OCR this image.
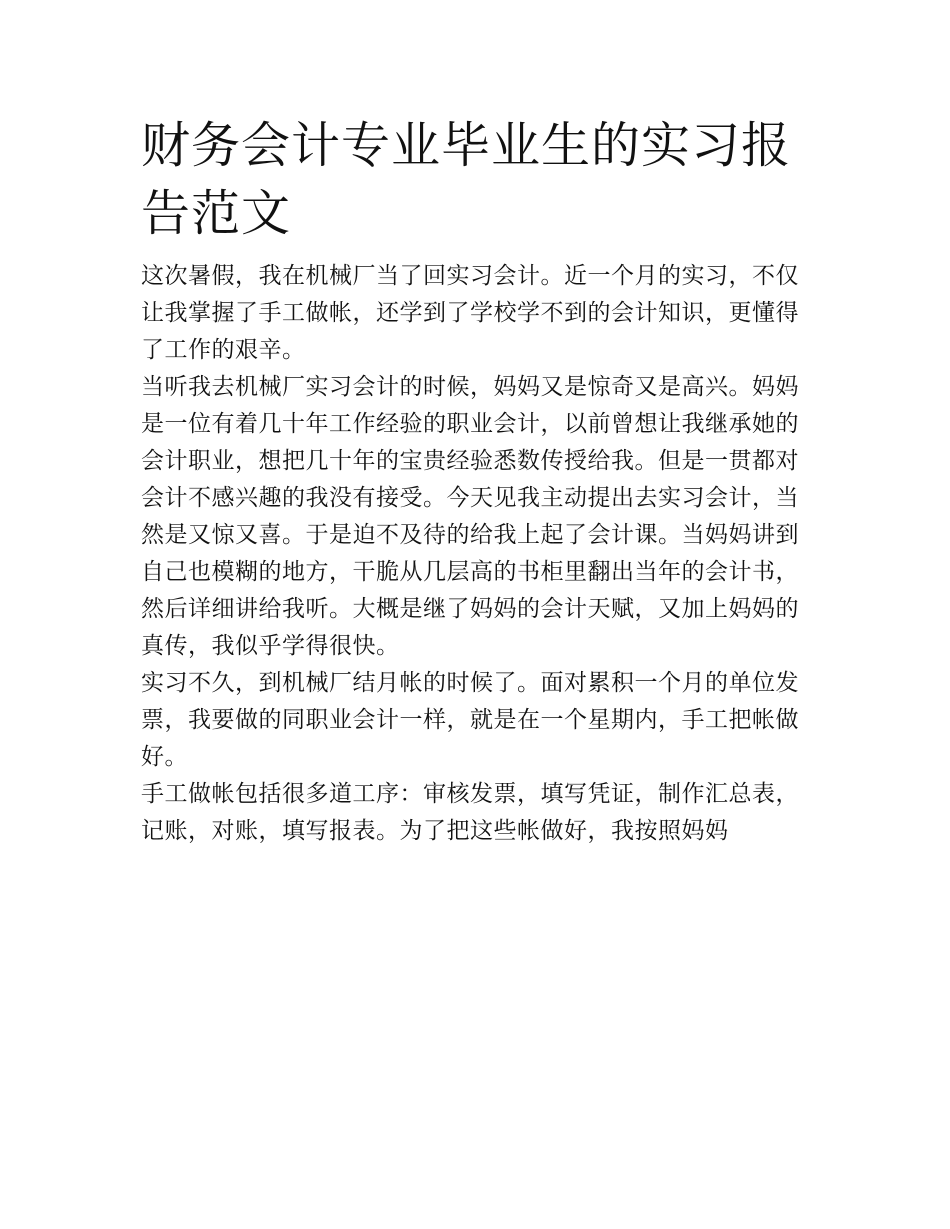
财务会计专业毕业生的实习报告范文

这次暑假，我在机械厂当了回实习会计。近一个月的实习，不仅让我掌握了手工做帐，还学到了学校学不到的会计知识，更懂得了工作的艰辛。

当听我去机械厂实习会计的时候，妈妈又是惊奇又是高兴。妈妈是一位有着几十年工作经验的职业会计，以前曾想让我继承她的会计职业，想把几十年的宝贵经验悉数传授给我。但是一贯都对会计不感兴趣的我没有接受。今天见我主动提出去实习会计，当然是又惊又喜。于是迫不及待的给我上起了会计课。当妈妈讲到自己也模糊的地方，干脆从几层高的书柜里翻出当年的会计书，然后详细讲给我听。大概是继了妈妈的会计天赋，又加上妈妈的真传，我似乎学得很快。

实习不久，到机械厂结月帐的时候了。面对累积一个月的单位发票，我要做的同职业会计一样，就是在一个星期内，手工把帐做好。

手工做帐包括很多道工序：审核发票，填写凭证，制作汇总表，记账，对账，填写报表。为了把这些帐做好，我按照妈妈
